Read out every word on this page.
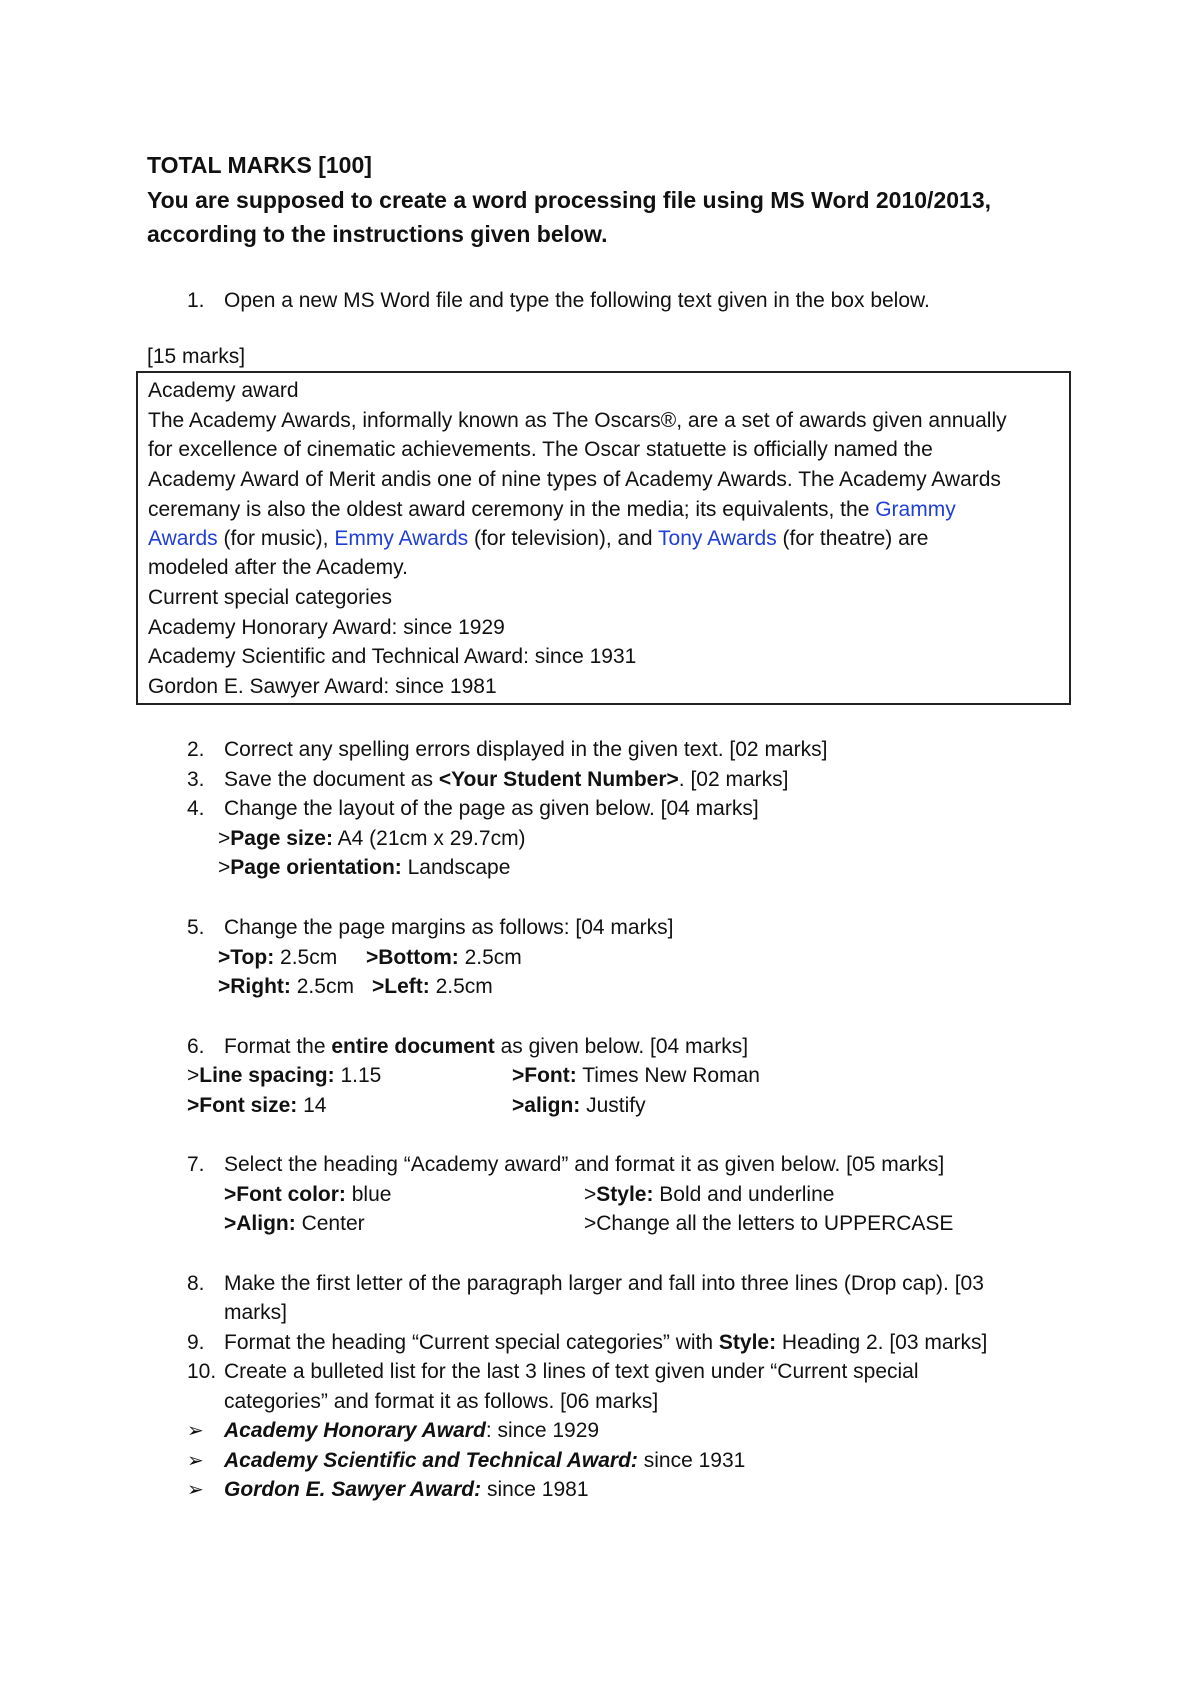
TOTAL MARKS [100]
You are supposed to create a word processing file using MS Word 2010/2013,
according to the instructions given below.
1. Open a new MS Word file and type the following text given in the box below.
[15 marks]
Academy award
The Academy Awards, informally known as The Oscars®, are a set of awards given annually
for excellence of cinematic achievements. The Oscar statuette is officially named the
Academy Award of Merit andis one of nine types of Academy Awards. The Academy Awards
ceremany is also the oldest award ceremony in the media; its equivalents, the Grammy
Awards (for music), Emmy Awards (for television), and Tony Awards (for theatre) are
modeled after the Academy.
Current special categories
Academy Honorary Award: since 1929
Academy Scientific and Technical Award: since 1931
Gordon E. Sawyer Award: since 1981
2. Correct any spelling errors displayed in the given text. [02 marks]
3. Save the document as <Your Student Number>. [02 marks]
4. Change the layout of the page as given below. [04 marks]
>Page size: A4 (21cm x 29.7cm)
>Page orientation: Landscape
5. Change the page margins as follows: [04 marks]
>Top: 2.5cm >Bottom: 2.5cm
>Right: 2.5cm >Left: 2.5cm
6. Format the entire document as given below. [04 marks]
>Line spacing: 1.15	>Font: Times New Roman
>Font size: 14	>align: Justify
7. Select the heading “Academy award” and format it as given below. [05 marks]
>Font color: blue	>Style: Bold and underline
>Align: Center	>Change all the letters to UPPERCASE
8. Make the first letter of the paragraph larger and fall into three lines (Drop cap). [03
marks]
9. Format the heading “Current special categories” with Style: Heading 2. [03 marks]
10. Create a bulleted list for the last 3 lines of text given under “Current special
categories” and format it as follows. [06 marks]
➢ Academy Honorary Award: since 1929
➢ Academy Scientific and Technical Award: since 1931
➢ Gordon E. Sawyer Award: since 1981
